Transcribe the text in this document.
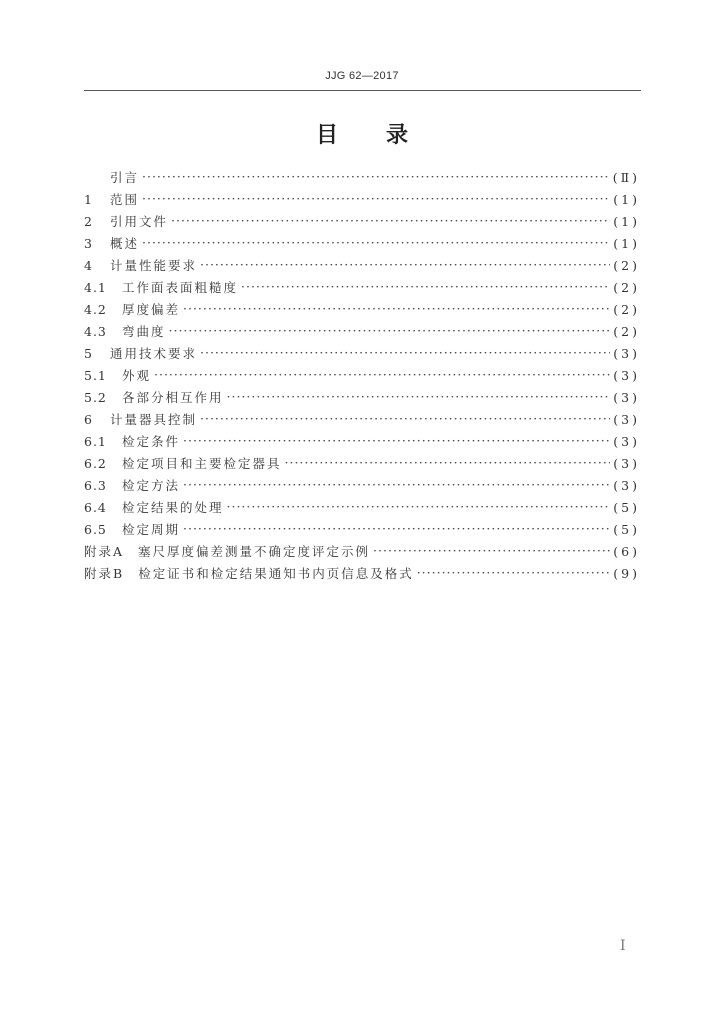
JJG 62—2017
目 录
引言 ·····	(Ⅱ)
1	范围 ·····	(1)
2	引用文件 ·····	(1)
3	概述 ·····	(1)
4	计量性能要求 ·····	(2)
4.1	工作面表面粗糙度 ·····	(2)
4.2	厚度偏差 ·····	(2)
4.3	弯曲度 ·····	(2)
5	通用技术要求 ·····	(3)
5.1	外观 ·····	(3)
5.2	各部分相互作用 ·····	(3)
6	计量器具控制 ·····	(3)
6.1	检定条件 ·····	(3)
6.2	检定项目和主要检定器具 ·····	(3)
6.3	检定方法 ·····	(3)
6.4	检定结果的处理 ·····	(5)
6.5	检定周期 ·····	(5)
附录A	塞尺厚度偏差测量不确定度评定示例 ·····	(6)
附录B	检定证书和检定结果通知书内页信息及格式 ·····	(9)
I
